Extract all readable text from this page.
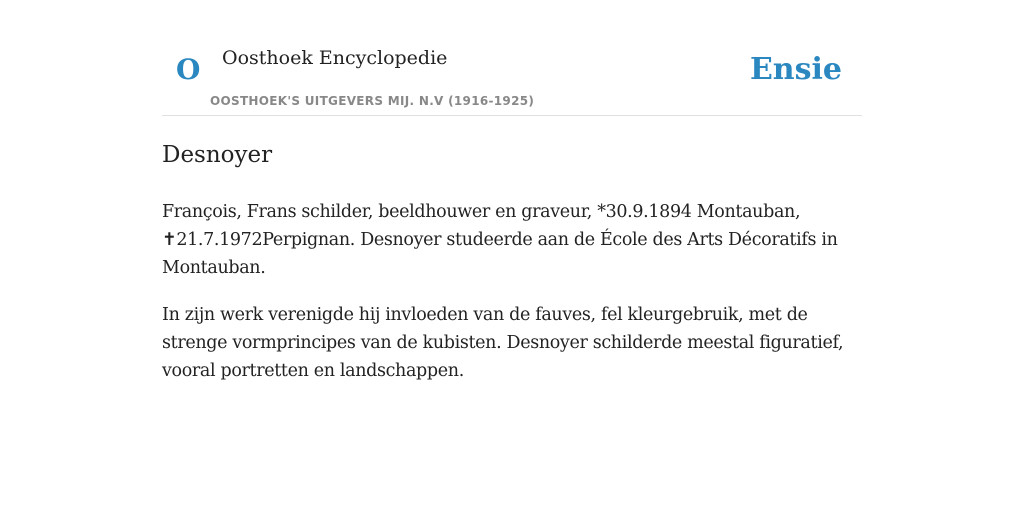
O Oosthoek Encyclopedie
OOSTHOEK'S UITGEVERS MIJ. N.V (1916-1925)
Ensie
Desnoyer

François, Frans schilder, beeldhouwer en graveur, *30.9.1894 Montauban, ✝21.7.1972Perpignan. Desnoyer studeerde aan de École des Arts Décoratifs in Montauban.

In zijn werk verenigde hij invloeden van de fauves, fel kleurgebruik, met de strenge vormprincipes van de kubisten. Desnoyer schilderde meestal figuratief, vooral portretten en landschappen.
